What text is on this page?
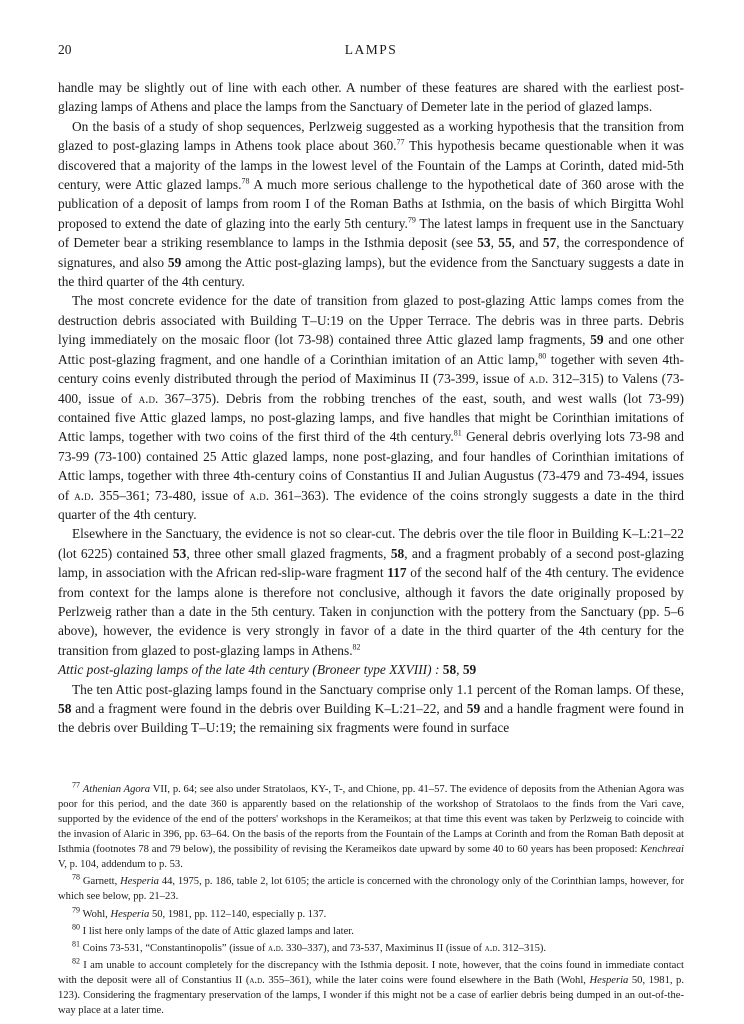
20	LAMPS

handle may be slightly out of line with each other. A number of these features are shared with the earliest post-glazing lamps of Athens and place the lamps from the Sanctuary of Demeter late in the period of glazed lamps.

On the basis of a study of shop sequences, Perlzweig suggested as a working hypothesis that the transition from glazed to post-glazing lamps in Athens took place about 360.77 This hypothesis became questionable when it was discovered that a majority of the lamps in the lowest level of the Fountain of the Lamps at Corinth, dated mid-5th century, were Attic glazed lamps.$^{78}$ A much more serious challenge to the hypothetical date of 360 arose with the publication of a deposit of lamps from room I of the Roman Baths at Isthmia, on the basis of which Birgitta Wohl proposed to extend the date of glazing into the early 5th century.$^{79}$ The latest lamps in frequent use in the Sanctuary of Demeter bear a striking resemblance to lamps in the Isthmia deposit (see 53, 55, and 57, the correspondence of signatures, and also 59 among the Attic post-glazing lamps), but the evidence from the Sanctuary suggests a date in the third quarter of the 4th century.

The most concrete evidence for the date of transition from glazed to post-glazing Attic lamps comes from the destruction debris associated with Building T–U:19 on the Upper Terrace. The debris was in three parts. Debris lying immediately on the mosaic floor (lot 73-98) contained three Attic glazed lamp fragments, 59 and one other Attic post-glazing fragment, and one handle of a Corinthian imitation of an Attic lamp,$^{80}$ together with seven 4th-century coins evenly distributed through the period of Maximinus II (73-399, issue of a.d. 312–315) to Valens (73-400, issue of a.d. 367–375). Debris from the robbing trenches of the east, south, and west walls (lot 73-99) contained five Attic glazed lamps, no post-glazing lamps, and five handles that might be Corinthian imitations of Attic lamps, together with two coins of the first third of the 4th century.$^{81}$ General debris overlying lots 73-98 and 73-99 (73-100) contained 25 Attic glazed lamps, none post-glazing, and four handles of Corinthian imitations of Attic lamps, together with three 4th-century coins of Constantius II and Julian Augustus (73-479 and 73-494, issues of a.d. 355–361; 73-480, issue of a.d. 361–363). The evidence of the coins strongly suggests a date in the third quarter of the 4th century.

Elsewhere in the Sanctuary, the evidence is not so clear-cut. The debris over the tile floor in Building K–L:21–22 (lot 6225) contained 53, three other small glazed fragments, 58, and a fragment probably of a second post-glazing lamp, in association with the African red-slip-ware fragment 117 of the second half of the 4th century. The evidence from context for the lamps alone is therefore not conclusive, although it favors the date originally proposed by Perlzweig rather than a date in the 5th century. Taken in conjunction with the pottery from the Sanctuary (pp. 5–6 above), however, the evidence is very strongly in favor of a date in the third quarter of the 4th century for the transition from glazed to post-glazing lamps in Athens.$^{82}$

Attic post-glazing lamps of the late 4th century (Broneer type XXVIII) : 58, 59

The ten Attic post-glazing lamps found in the Sanctuary comprise only 1.1 percent of the Roman lamps. Of these, 58 and a fragment were found in the debris over Building K–L:21–22, and 59 and a handle fragment were found in the debris over Building T–U:19; the remaining six fragments were found in surface

$^{77}$ Athenian Agora VII, p. 64; see also under Stratolaos, KY-, T-, and Chione, pp. 41–57. The evidence of deposits from the Athenian Agora was poor for this period, and the date 360 is apparently based on the relationship of the workshop of Stratolaos to the finds from the Vari cave, supported by the evidence of the end of the potters' workshops in the Kerameikos; at that time this event was taken by Perlzweig to coincide with the invasion of Alaric in 396, pp. 63–64. On the basis of the reports from the Fountain of the Lamps at Corinth and from the Roman Bath deposit at Isthmia (footnotes 78 and 79 below), the possibility of revising the Kerameikos date upward by some 40 to 60 years has been proposed: Kenchreai V, p. 104, addendum to p. 53.

$^{78}$ Garnett, Hesperia 44, 1975, p. 186, table 2, lot 6105; the article is concerned with the chronology only of the Corinthian lamps, however, for which see below, pp. 21–23.

$^{79}$ Wohl, Hesperia 50, 1981, pp. 112–140, especially p. 137.

$^{80}$ I list here only lamps of the date of Attic glazed lamps and later.

$^{81}$ Coins 73-531, “Constantinopolis” (issue of a.d. 330–337), and 73-537, Maximinus II (issue of a.d. 312–315).

$^{82}$ I am unable to account completely for the discrepancy with the Isthmia deposit. I note, however, that the coins found in immediate contact with the deposit were all of Constantius II (a.d. 355–361), while the later coins were found elsewhere in the Bath (Wohl, Hesperia 50, 1981, p. 123). Considering the fragmentary preservation of the lamps, I wonder if this might not be a case of earlier debris being dumped in an out-of-the-way place at a later time.
